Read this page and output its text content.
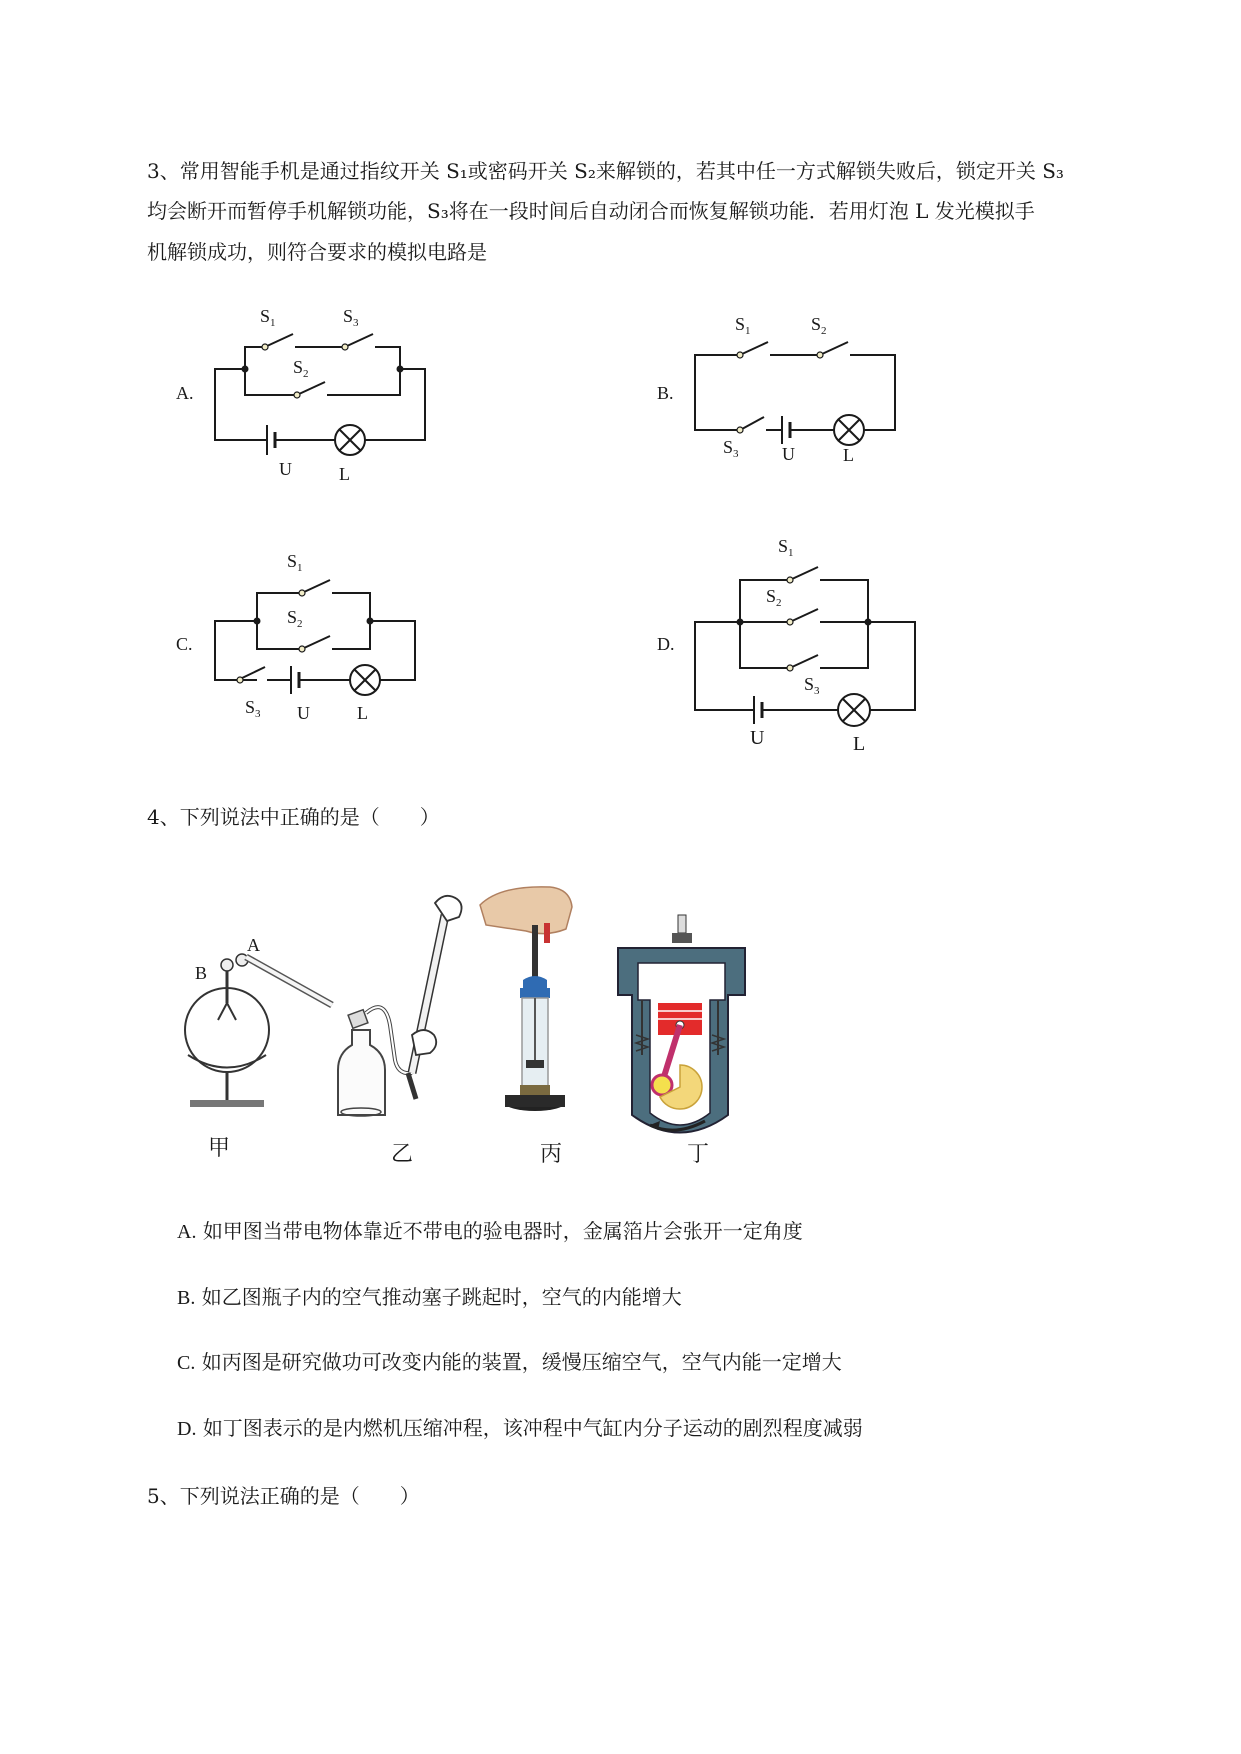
3、常用智能手机是通过指纹开关 S₁或密码开关 S₂来解锁的，若其中任一方式解锁失败后，锁定开关 S₃
均会断开而暂停手机解锁功能，S₃将在一段时间后自动闭合而恢复解锁功能．若用灯泡 L 发光模拟手
机解锁成功，则符合要求的模拟电路是
A.
$S_1$	$S_3$
$S_2$
U	L
B.
$S_1$	$S_2$
$S_3$ U	L
C.
$S_1$
$S_2$
$S_3$ U	L
D.
$S_1$
$S_2$
$S_3$
U	L
4、下列说法中正确的是（　　）
A
B
甲	乙	丙	丁
A. 如甲图当带电物体靠近不带电的验电器时，金属箔片会张开一定角度
B. 如乙图瓶子内的空气推动塞子跳起时，空气的内能增大
C. 如丙图是研究做功可改变内能的装置，缓慢压缩空气，空气内能一定增大
D. 如丁图表示的是内燃机压缩冲程，该冲程中气缸内分子运动的剧烈程度减弱
5、下列说法正确的是（　　）
